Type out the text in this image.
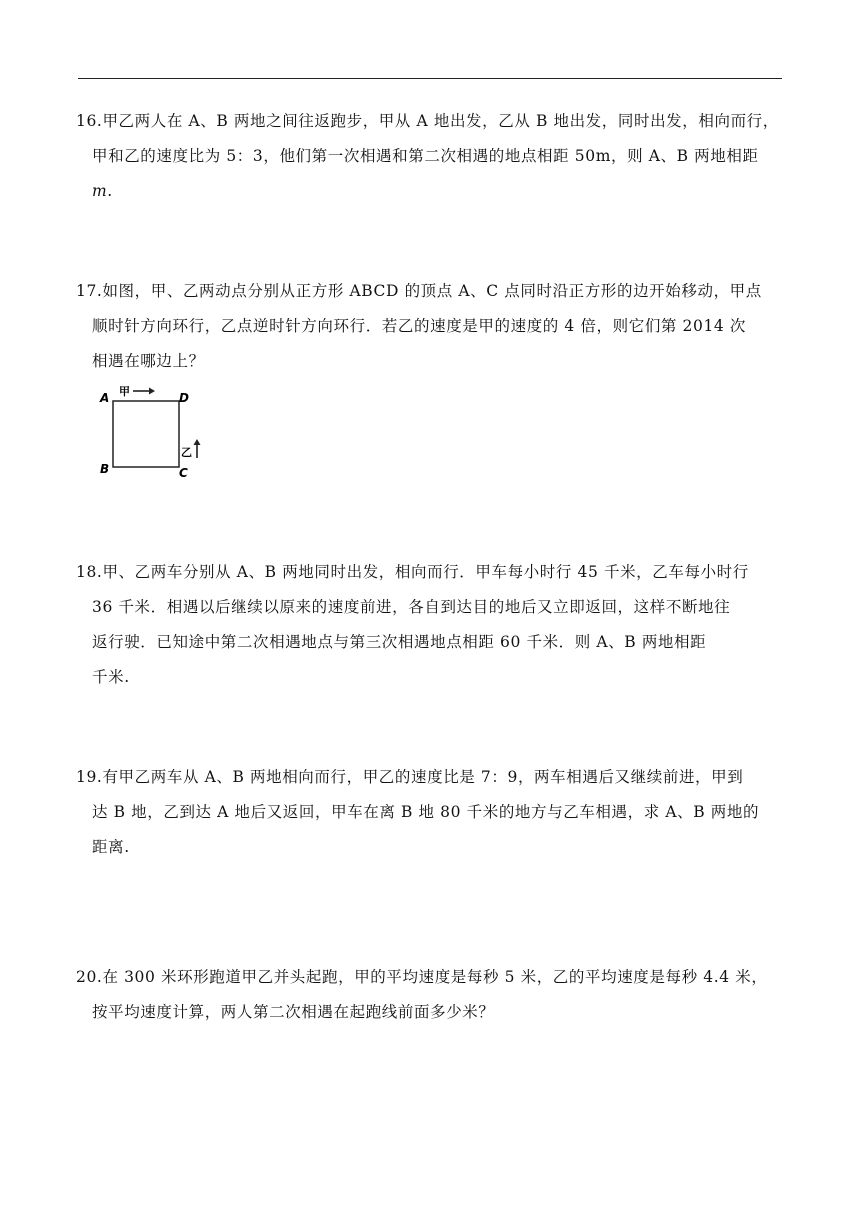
16.甲乙两人在 A、B 两地之间往返跑步，甲从 A 地出发，乙从 B 地出发，同时出发，相向而行，

甲和乙的速度比为 5：3，他们第一次相遇和第二次相遇的地点相距 50m，则 A、B 两地相距

m.

17.如图，甲、乙两动点分别从正方形 ABCD 的顶点 A、C 点同时沿正方形的边开始移动，甲点

顺时针方向环行，乙点逆时针方向环行．若乙的速度是甲的速度的 4 倍，则它们第 2014 次

相遇在哪边上？

A	D
B	C
甲
乙

18.甲、乙两车分别从 A、B 两地同时出发，相向而行．甲车每小时行 45 千米，乙车每小时行

36 千米．相遇以后继续以原来的速度前进，各自到达目的地后又立即返回，这样不断地往

返行驶．已知途中第二次相遇地点与第三次相遇地点相距 60 千米．则 A、B 两地相距

千米.

19.有甲乙两车从 A、B 两地相向而行，甲乙的速度比是 7：9，两车相遇后又继续前进，甲到

达 B 地，乙到达 A 地后又返回，甲车在离 B 地 80 千米的地方与乙车相遇，求 A、B 两地的

距离.

20.在 300 米环形跑道甲乙并头起跑，甲的平均速度是每秒 5 米，乙的平均速度是每秒 4.4 米，

按平均速度计算，两人第二次相遇在起跑线前面多少米？
